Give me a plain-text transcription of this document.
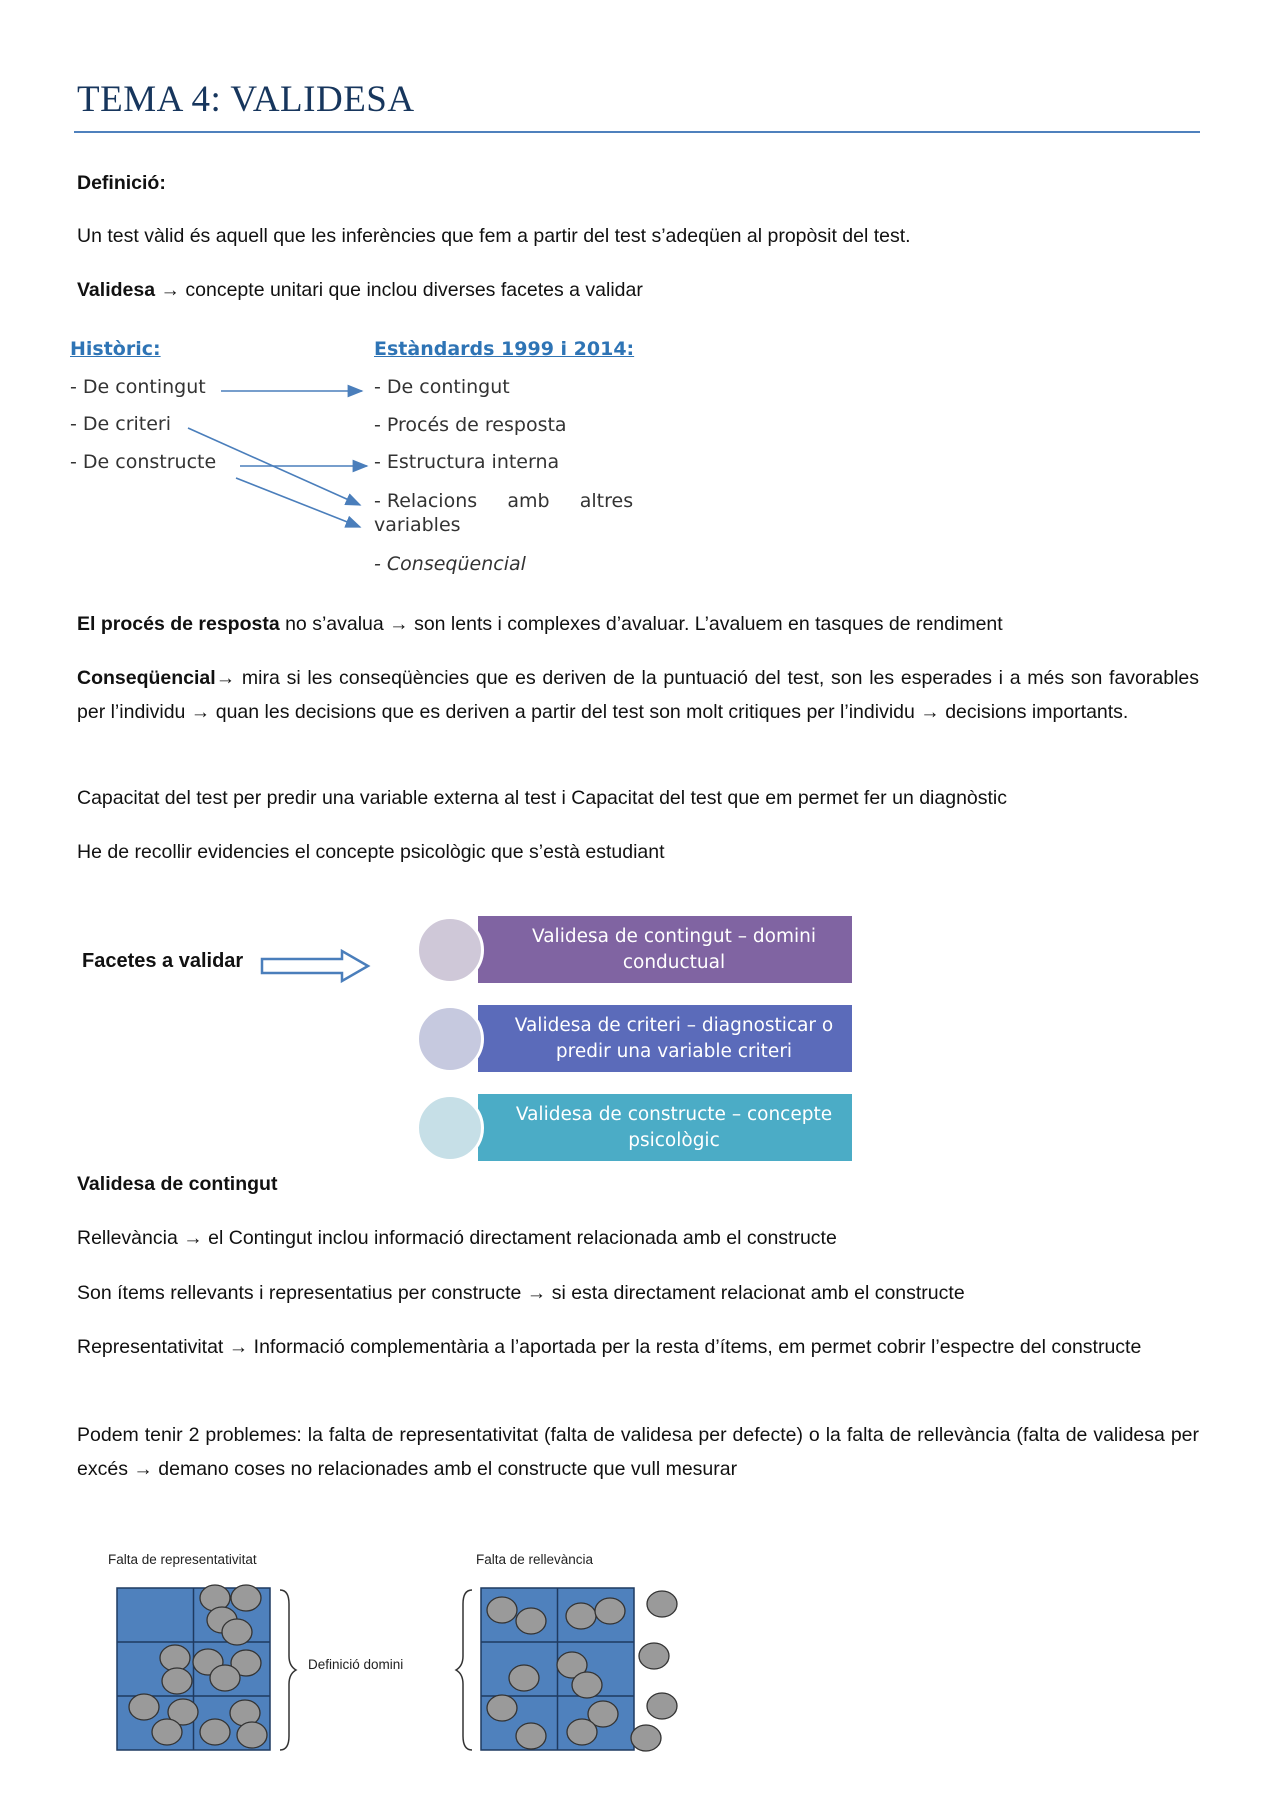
TEMA 4: VALIDESA
Definició:
Un test vàlid és aquell que les inferències que fem a partir del test s’adeqüen al propòsit del test.
Validesa → concepte unitari que inclou diverses facetes a validar
Històric:
- De contingut
- De criteri
- De constructe
Estàndards 1999 i 2014:
- De contingut
- Procés de resposta
- Estructura interna
- Relacions     amb     altres
variables
- Conseqüencial
El procés de resposta no s’avalua → son lents i complexes d’avaluar. L’avaluem en tasques de rendiment
Conseqüencial→ mira si les conseqüències que es deriven de la puntuació del test, son les esperades i a més son favorables per l’individu → quan les decisions que es deriven a partir del test son molt critiques per l’individu → decisions importants.
Capacitat del test per predir una variable externa al test i Capacitat del test que em permet fer un diagnòstic
He de recollir evidencies el concepte psicològic que s’està estudiant
Facetes a validar
Validesa de contingut – domini
conductual
Validesa de criteri – diagnosticar o
predir una variable criteri
Validesa de constructe – concepte
psicològic
Validesa de contingut
Rellevància → el Contingut inclou informació directament relacionada amb el constructe
Son ítems rellevants i representatius per constructe → si esta directament relacionat amb el constructe
Representativitat → Informació complementària a l’aportada per la resta d’ítems, em permet cobrir l’espectre del constructe
Podem tenir 2 problemes: la falta de representativitat (falta de validesa per defecte) o la falta de rellevància (falta de validesa per excés → demano coses no relacionades amb el constructe que vull mesurar
Falta de representativitat	Falta de rellevància
Definició domini
